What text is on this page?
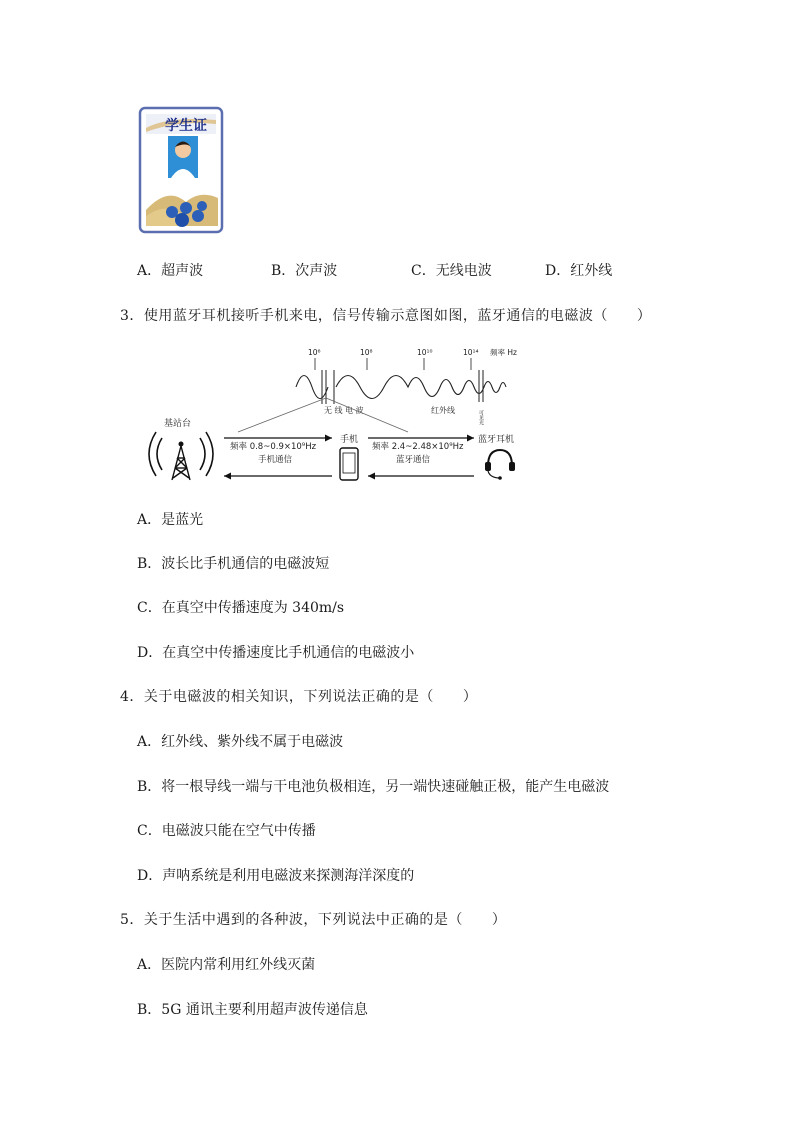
学生证
A．超声波	B．次声波	C．无线电波	D．红外线
3．使用蓝牙耳机接听手机来电，信号传输示意图如图，蓝牙通信的电磁波（　　）
10⁶	10⁸	10¹⁰	10¹⁴ 频率 Hz
无 线 电 波	红外线	可见光
基站台
频率 0.8~0.9×10⁹Hz
手机通信
手机
频率 2.4~2.48×10⁹Hz
蓝牙通信
蓝牙耳机
A．是蓝光
B．波长比手机通信的电磁波短
C．在真空中传播速度为 340m/s
D．在真空中传播速度比手机通信的电磁波小
4．关于电磁波的相关知识，下列说法正确的是（　　）
A．红外线、紫外线不属于电磁波
B．将一根导线一端与干电池负极相连，另一端快速碰触正极，能产生电磁波
C．电磁波只能在空气中传播
D．声呐系统是利用电磁波来探测海洋深度的
5．关于生活中遇到的各种波，下列说法中正确的是（　　）
A．医院内常利用红外线灭菌
B．5G 通讯主要利用超声波传递信息
